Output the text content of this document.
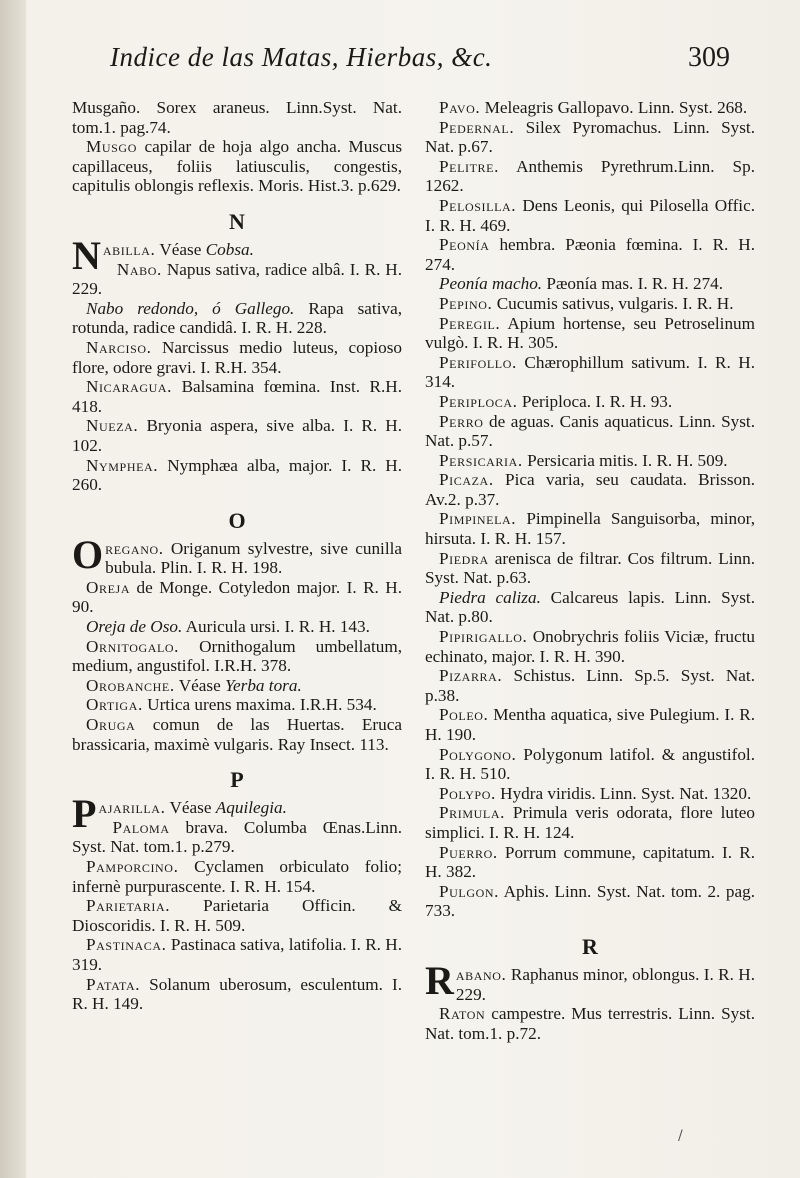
Indice de las Matas, Hierbas, &c.	309

Musgaño. Sorex araneus. Linn.Syst. Nat. tom.1. pag.74.

Musgo capilar de hoja algo ancha. Muscus capillaceus, foliis latiusculis, congestis, capitulis oblongis reflexis. Moris. Hist.3. p.629.

N

Nabilla. Véase Cobsa.

Nabo. Napus sativa, radice albâ. I. R. H. 229.

Nabo redondo, ó Gallego. Rapa sativa, rotunda, radice candidâ. I. R. H. 228.

Narciso. Narcissus medio luteus, copioso flore, odore gravi. I. R.H. 354.

Nicaragua. Balsamina fœmina. Inst. R.H. 418.

Nueza. Bryonia aspera, sive alba. I. R. H. 102.

Nymphea. Nymphæa alba, major. I. R. H. 260.

O

Oregano. Origanum sylvestre, sive cunilla bubula. Plin. I. R. H. 198.

Oreja de Monge. Cotyledon major. I. R. H. 90.

Oreja de Oso. Auricula ursi. I. R. H. 143.

Ornitogalo. Ornithogalum umbellatum, medium, angustifol. I.R.H. 378.

Orobanche. Véase Yerba tora.

Ortiga. Urtica urens maxima. I.R.H. 534.

Oruga comun de las Huertas. Eruca brassicaria, maximè vulgaris. Ray Insect. 113.

P

Pajarilla. Véase Aquilegia.

Paloma brava. Columba Œnas.Linn. Syst. Nat. tom.1. p.279.

Pamporcino. Cyclamen orbiculato folio; infernè purpurascente. I. R. H. 154.

Parietaria. Parietaria Officin. & Dioscoridis. I. R. H. 509.

Pastinaca. Pastinaca sativa, latifolia. I. R. H. 319.

Patata. Solanum uberosum, esculentum. I. R. H. 149.

Pavo. Meleagris Gallopavo. Linn. Syst. 268.

Pedernal. Silex Pyromachus. Linn. Syst. Nat. p.67.

Pelitre. Anthemis Pyrethrum.Linn. Sp. 1262.

Pelosilla. Dens Leonis, qui Pilosella Offic. I. R. H. 469.

Peonía hembra. Pæonia fœmina. I. R. H. 274.

Peonía macho. Pæonía mas. I. R. H. 274.

Pepino. Cucumis sativus, vulgaris. I. R. H.

Peregil. Apium hortense, seu Petroselinum vulgò. I. R. H. 305.

Perifollo. Chærophillum sativum. I. R. H. 314.

Periploca. Periploca. I. R. H. 93.

Perro de aguas. Canis aquaticus. Linn. Syst. Nat. p.57.

Persicaria. Persicaria mitis. I. R. H. 509.

Picaza. Pica varia, seu caudata. Brisson. Av.2. p.37.

Pimpinela. Pimpinella Sanguisorba, minor, hirsuta. I. R. H. 157.

Piedra arenisca de filtrar. Cos filtrum. Linn. Syst. Nat. p.63.

Piedra caliza. Calcareus lapis. Linn. Syst. Nat. p.80.

Pipirigallo. Onobrychris foliis Viciæ, fructu echinato, major. I. R. H. 390.

Pizarra. Schistus. Linn. Sp.5. Syst. Nat. p.38.

Poleo. Mentha aquatica, sive Pulegium. I. R. H. 190.

Polygono. Polygonum latifol. & angustifol. I. R. H. 510.

Polypo. Hydra viridis. Linn. Syst. Nat. 1320.

Primula. Primula veris odorata, flore luteo simplici. I. R. H. 124.

Puerro. Porrum commune, capitatum. I. R. H. 382.

Pulgon. Aphis. Linn. Syst. Nat. tom. 2. pag. 733.

R

Rabano. Raphanus minor, oblongus. I. R. H. 229.

Raton campestre. Mus terrestris. Linn. Syst. Nat. tom.1. p.72.

/
